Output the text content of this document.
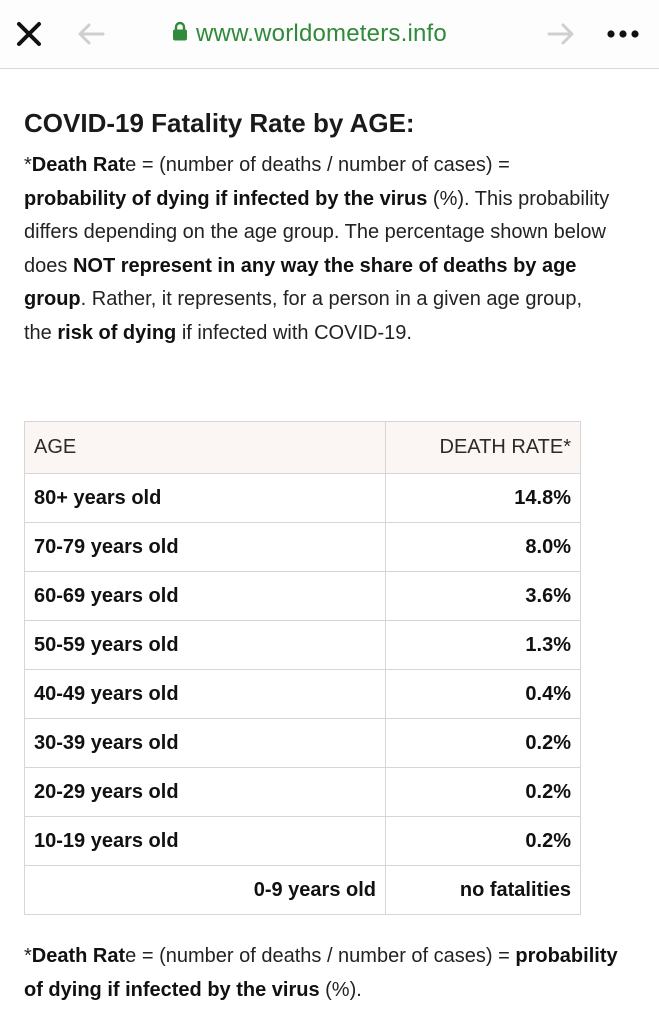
www.worldometers.info
COVID-19 Fatality Rate by AGE:

*Death Rate = (number of deaths / number of cases) = probability of dying if infected by the virus (%). This probability differs depending on the age group. The percentage shown below does NOT represent in any way the share of deaths by age group. Rather, it represents, for a person in a given age group, the risk of dying if infected with COVID-19.

AGE	DEATH RATE*
80+ years old	14.8%
70-79 years old	8.0%
60-69 years old	3.6%
50-59 years old	1.3%
40-49 years old	0.4%
30-39 years old	0.2%
20-29 years old	0.2%
10-19 years old	0.2%
0-9 years old	no fatalities
*Death Rate = (number of deaths / number of cases) = probability of dying if infected by the virus (%).
